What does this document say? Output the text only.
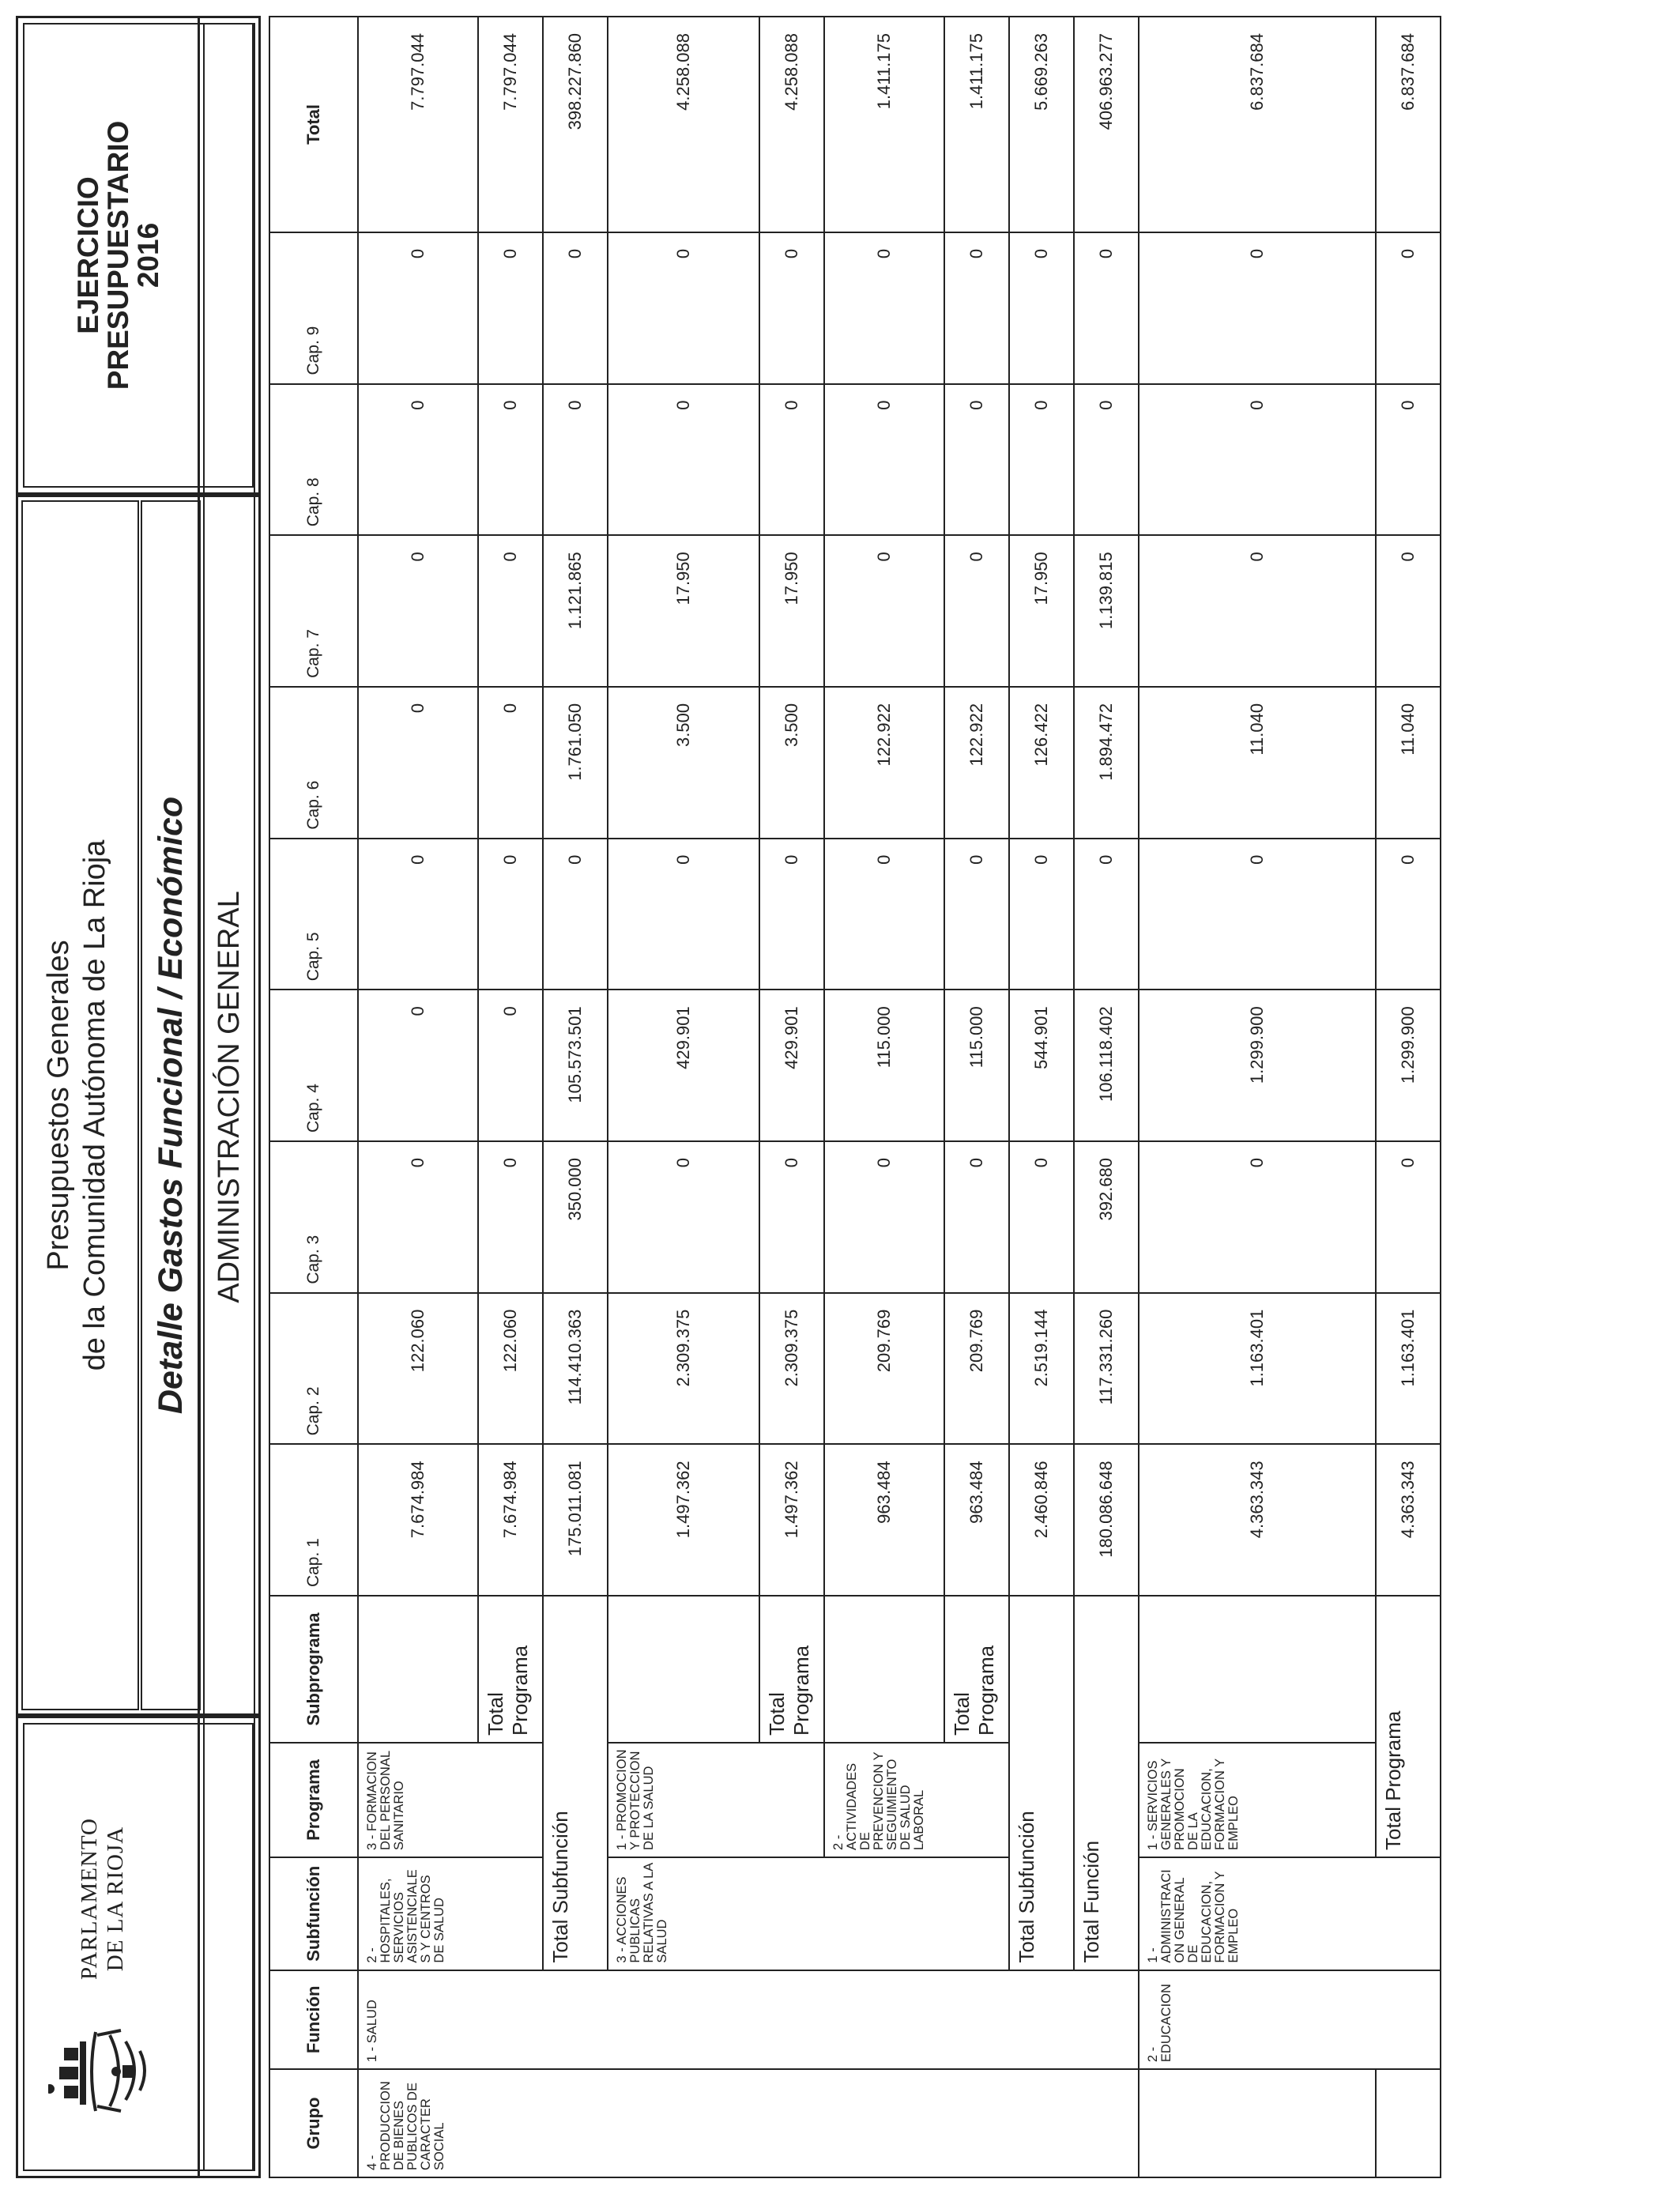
PARLAMENTO
DE LA RIOJA
Presupuestos Generales de la Comunidad Autónoma de La Rioja	Detalle Gastos Funcional / Económico
EJERCICIO
PRESUPUESTARIO
2016
ADMINISTRACIÓN GENERAL
Grupo	Función	Subfunción	Programa	Subprograma	Cap. 1	Cap. 2	Cap. 3	Cap. 4	Cap. 5	Cap. 6	Cap. 7	Cap. 8	Cap. 9	Total
4 - PRODUCCION DE BIENES PUBLICOS DE CARACTER SOCIAL	1 - SALUD	2 - HOSPITALES, SERVICIOS ASISTENCIALE S Y CENTROS DE SALUD	3 - FORMACION DEL PERSONAL SANITARIO		7.674.984	122.060	0	0	0	0	0	0	0	7.797.044
				Total Programa	7.674.984	122.060	0	0	0	0	0	0	0	7.797.044
		Total Subfunción			175.011.081	114.410.363	350.000	105.573.501	0	1.761.050	1.121.865	0	0	398.227.860
		3 - ACCIONES PUBLICAS RELATIVAS A LA SALUD	1 - PROMOCION Y PROTECCION DE LA SALUD		1.497.362	2.309.375	0	429.901	0	3.500	17.950	0	0	4.258.088
				Total Programa	1.497.362	2.309.375	0	429.901	0	3.500	17.950	0	0	4.258.088
			2 - ACTIVIDADES DE PREVENCION Y SEGUIMIENTO DE SALUD LABORAL		963.484	209.769	0	115.000	0	122.922	0	0	0	1.411.175
				Total Programa	963.484	209.769	0	115.000	0	122.922	0	0	0	1.411.175
		Total Subfunción			2.460.846	2.519.144	0	544.901	0	126.422	17.950	0	0	5.669.263
		Total Función			180.086.648	117.331.260	392.680	106.118.402	0	1.894.472	1.139.815	0	0	406.963.277
	2 - EDUCACION	1 - ADMINISTRACI ON GENERAL DE EDUCACION, FORMACION Y EMPLEO	1 - SERVICIOS GENERALES Y PROMOCION DE LA EDUCACION, FORMACION Y EMPLEO		4.363.343	1.163.401	0	1.299.900	0	11.040	0	0	0	6.837.684
			Total Programa		4.363.343	1.163.401	0	1.299.900	0	11.040	0	0	0	6.837.684
